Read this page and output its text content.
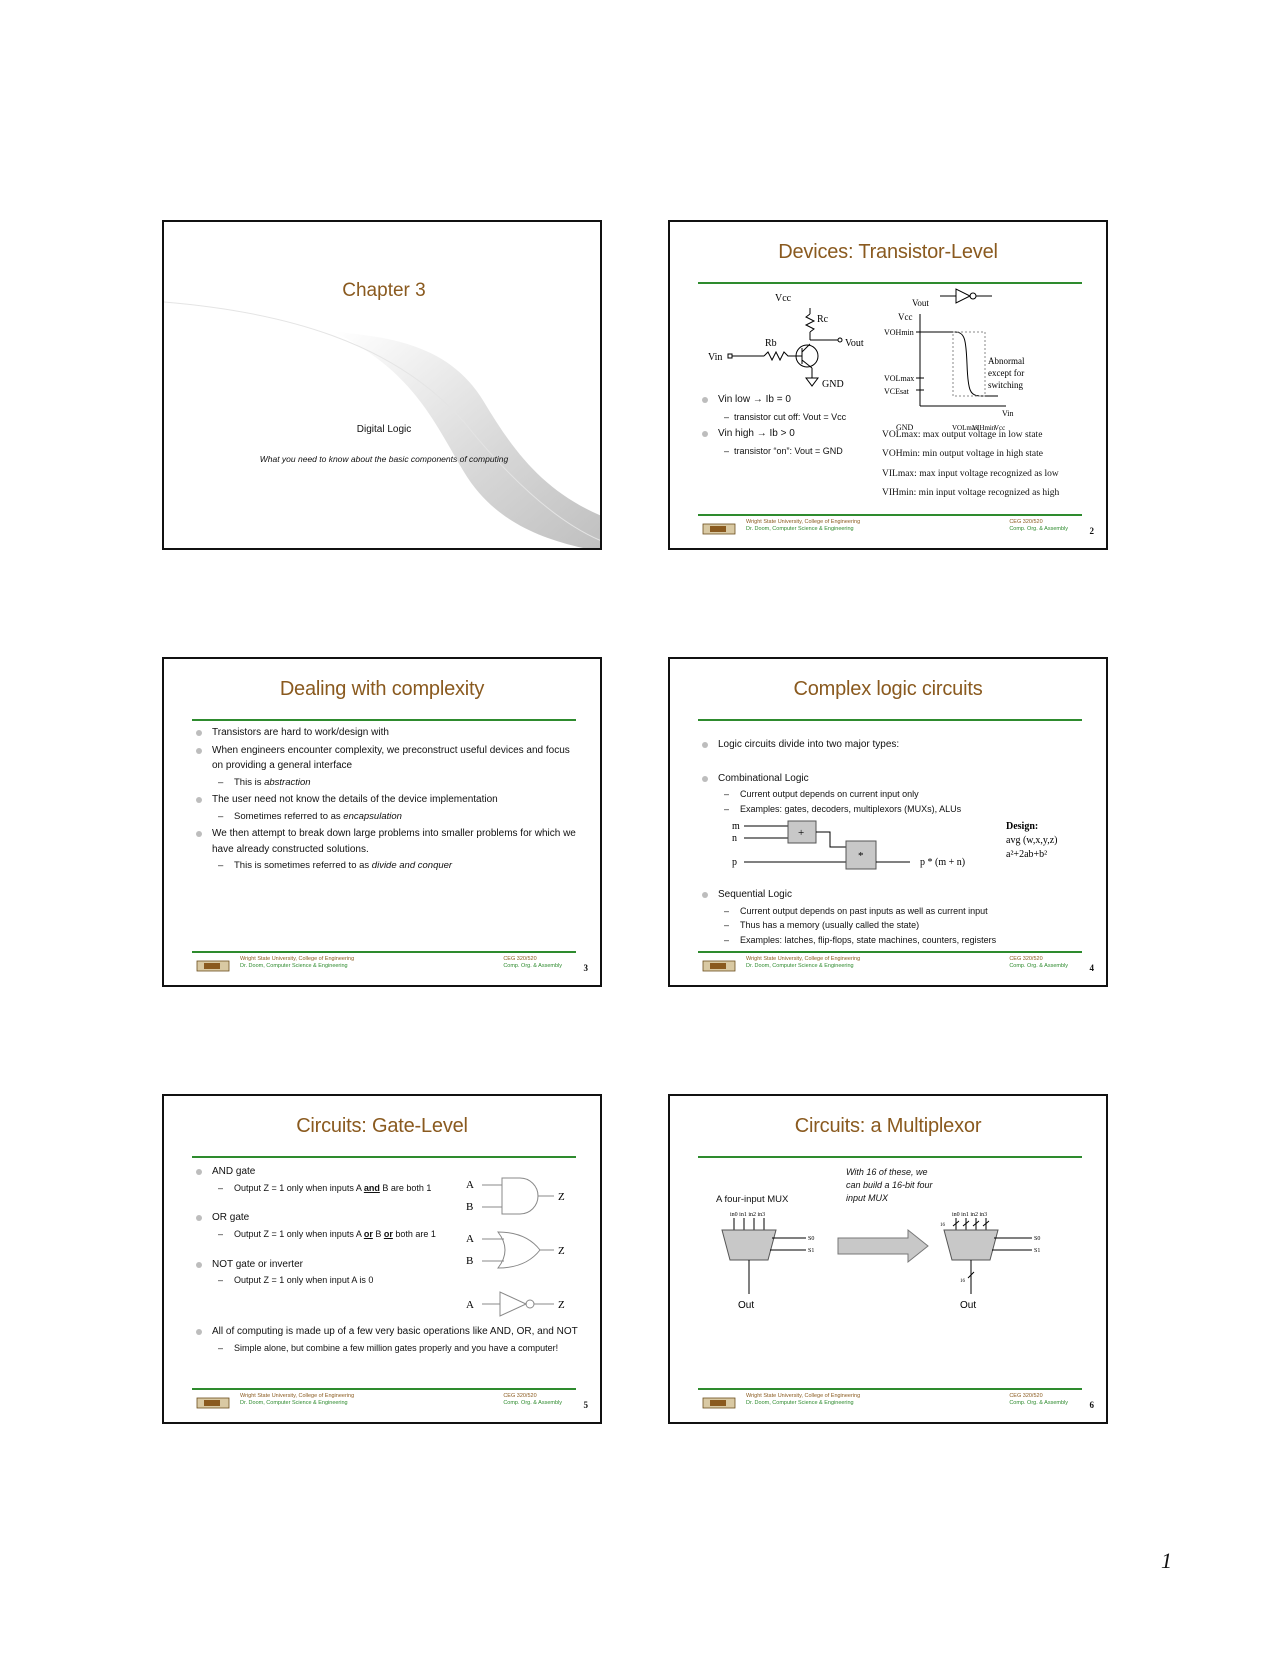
Chapter 3
Digital Logic
What you need to know about the basic components of computing
Devices: Transistor-Level
Vcc
Rc
Vout
GND
Rb
Vin
Vout
Vcc
VOHmin
VOLmax
VCEsat
Abnormal
except for
switching
Vin
GND	VOLmax
VIHmin
Vcc
Vin low → Ib = 0
– transistor cut off: Vout = Vcc
Vin high → Ib > 0
– transistor “on”: Vout = GND
VOLmax: max output voltage in low state
VOHmin: min output voltage in high state
VILmax: max input voltage recognized as low
VIHmin: min input voltage recognized as high
Wright State University, College of Engineering
Dr. Doom, Computer Science & Engineering
CEG 320/520
Comp. Org. & Assembly 2
Dealing with complexity
Transistors are hard to work/design with
When engineers encounter complexity, we preconstruct useful devices and focus on providing a general interface
– This is abstraction
The user need not know the details of the device implementation
– Sometimes referred to as encapsulation
We then attempt to break down large problems into smaller problems for which we have already constructed solutions.
– This is sometimes referred to as divide and conquer
Wright State University, College of Engineering
Dr. Doom, Computer Science & Engineering
CEG 320/520
Comp. Org. & Assembly 3
Complex logic circuits
Logic circuits divide into two major types:
Combinational Logic
– Current output depends on current input only
– Examples: gates, decoders, multiplexors (MUXs), ALUs
m
n
p
+
*
p * (m + n)
Design:
avg (w,x,y,z)
a²+2ab+b²
Sequential Logic
– Current output depends on past inputs as well as current input
– Thus has a memory (usually called the state)
– Examples: latches, flip-flops, state machines, counters, registers
Wright State University, College of Engineering
Dr. Doom, Computer Science & Engineering
CEG 320/520
Comp. Org. & Assembly 4
Circuits: Gate-Level
AND gate
– Output Z = 1 only when inputs A and B are both 1
OR gate
– Output Z = 1 only when inputs A or B or both are 1
NOT gate or inverter
– Output Z = 1 only when input A is 0
A
B
Z
A
B
Z
A	Z
All of computing is made up of a few very basic operations like AND, OR, and NOT
– Simple alone, but combine a few million gates properly and you have a computer!
Wright State University, College of Engineering
Dr. Doom, Computer Science & Engineering
CEG 320/520
Comp. Org. & Assembly 5
Circuits: a Multiplexor
A four-input MUX
With 16 of these, we can build a 16-bit four input MUX
in0 in1 in2 in3
S0
S1
Out
in0 in1 in2 in3
16
S0
S1
16
Out
Wright State University, College of Engineering
Dr. Doom, Computer Science & Engineering
CEG 320/520
Comp. Org. & Assembly 6
1
